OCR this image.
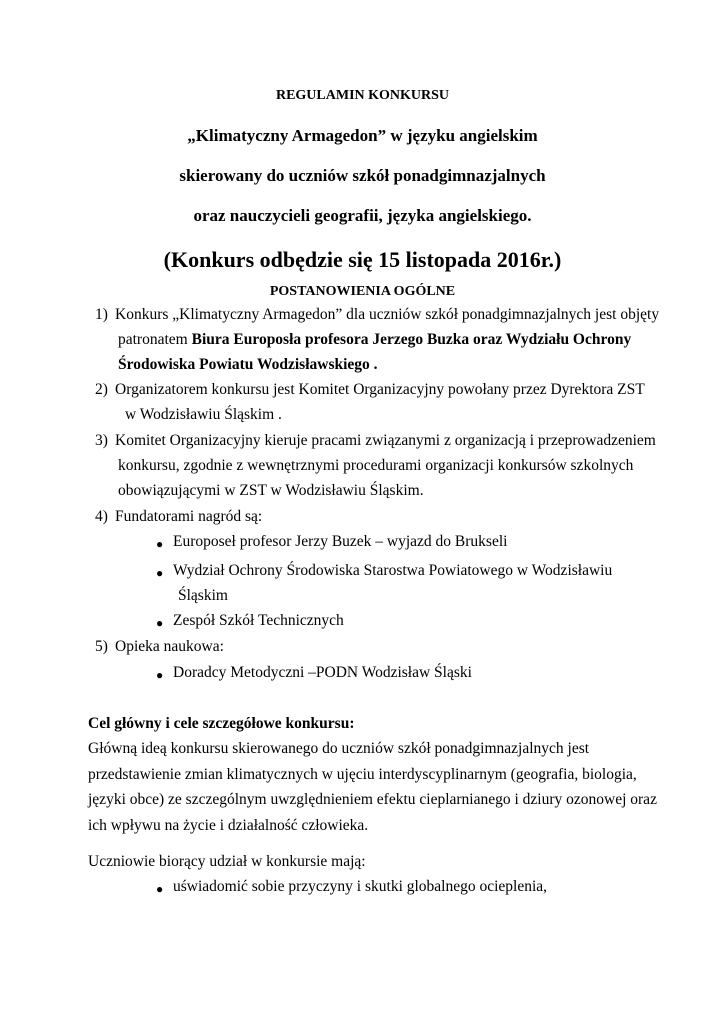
REGULAMIN KONKURSU
„Klimatyczny Armagedon” w języku angielskim
skierowany do uczniów szkół ponadgimnazjalnych
oraz nauczycieli geografii, języka angielskiego.
(Konkurs odbędzie się 15 listopada 2016r.)
POSTANOWIENIA OGÓLNE
1) Konkurs „Klimatyczny Armagedon” dla uczniów szkół ponadgimnazjalnych jest objęty
patronatem Biura Europosła profesora Jerzego Buzka oraz Wydziału Ochrony
Środowiska Powiatu Wodzisławskiego .
2) Organizatorem konkursu jest Komitet Organizacyjny powołany przez Dyrektora ZST
w Wodzisławiu Śląskim .
3) Komitet Organizacyjny kieruje pracami związanymi z organizacją i przeprowadzeniem
konkursu, zgodnie z wewnętrznymi procedurami organizacji konkursów szkolnych
obowiązującymi w ZST w Wodzisławiu Śląskim.
4) Fundatorami nagród są:
● Europoseł profesor Jerzy Buzek – wyjazd do Brukseli
● Wydział Ochrony Środowiska Starostwa Powiatowego w Wodzisławiu
Śląskim
● Zespół Szkół Technicznych
5) Opieka naukowa:
● Doradcy Metodyczni –PODN Wodzisław Śląski
Cel główny i cele szczegółowe konkursu:
Główną ideą konkursu skierowanego do uczniów szkół ponadgimnazjalnych jest
przedstawienie zmian klimatycznych w ujęciu interdyscyplinarnym (geografia, biologia,
języki obce) ze szczególnym uwzględnieniem efektu cieplarnianego i dziury ozonowej oraz
ich wpływu na życie i działalność człowieka.
Uczniowie biorący udział w konkursie mają:
● uświadomić sobie przyczyny i skutki globalnego ocieplenia,
